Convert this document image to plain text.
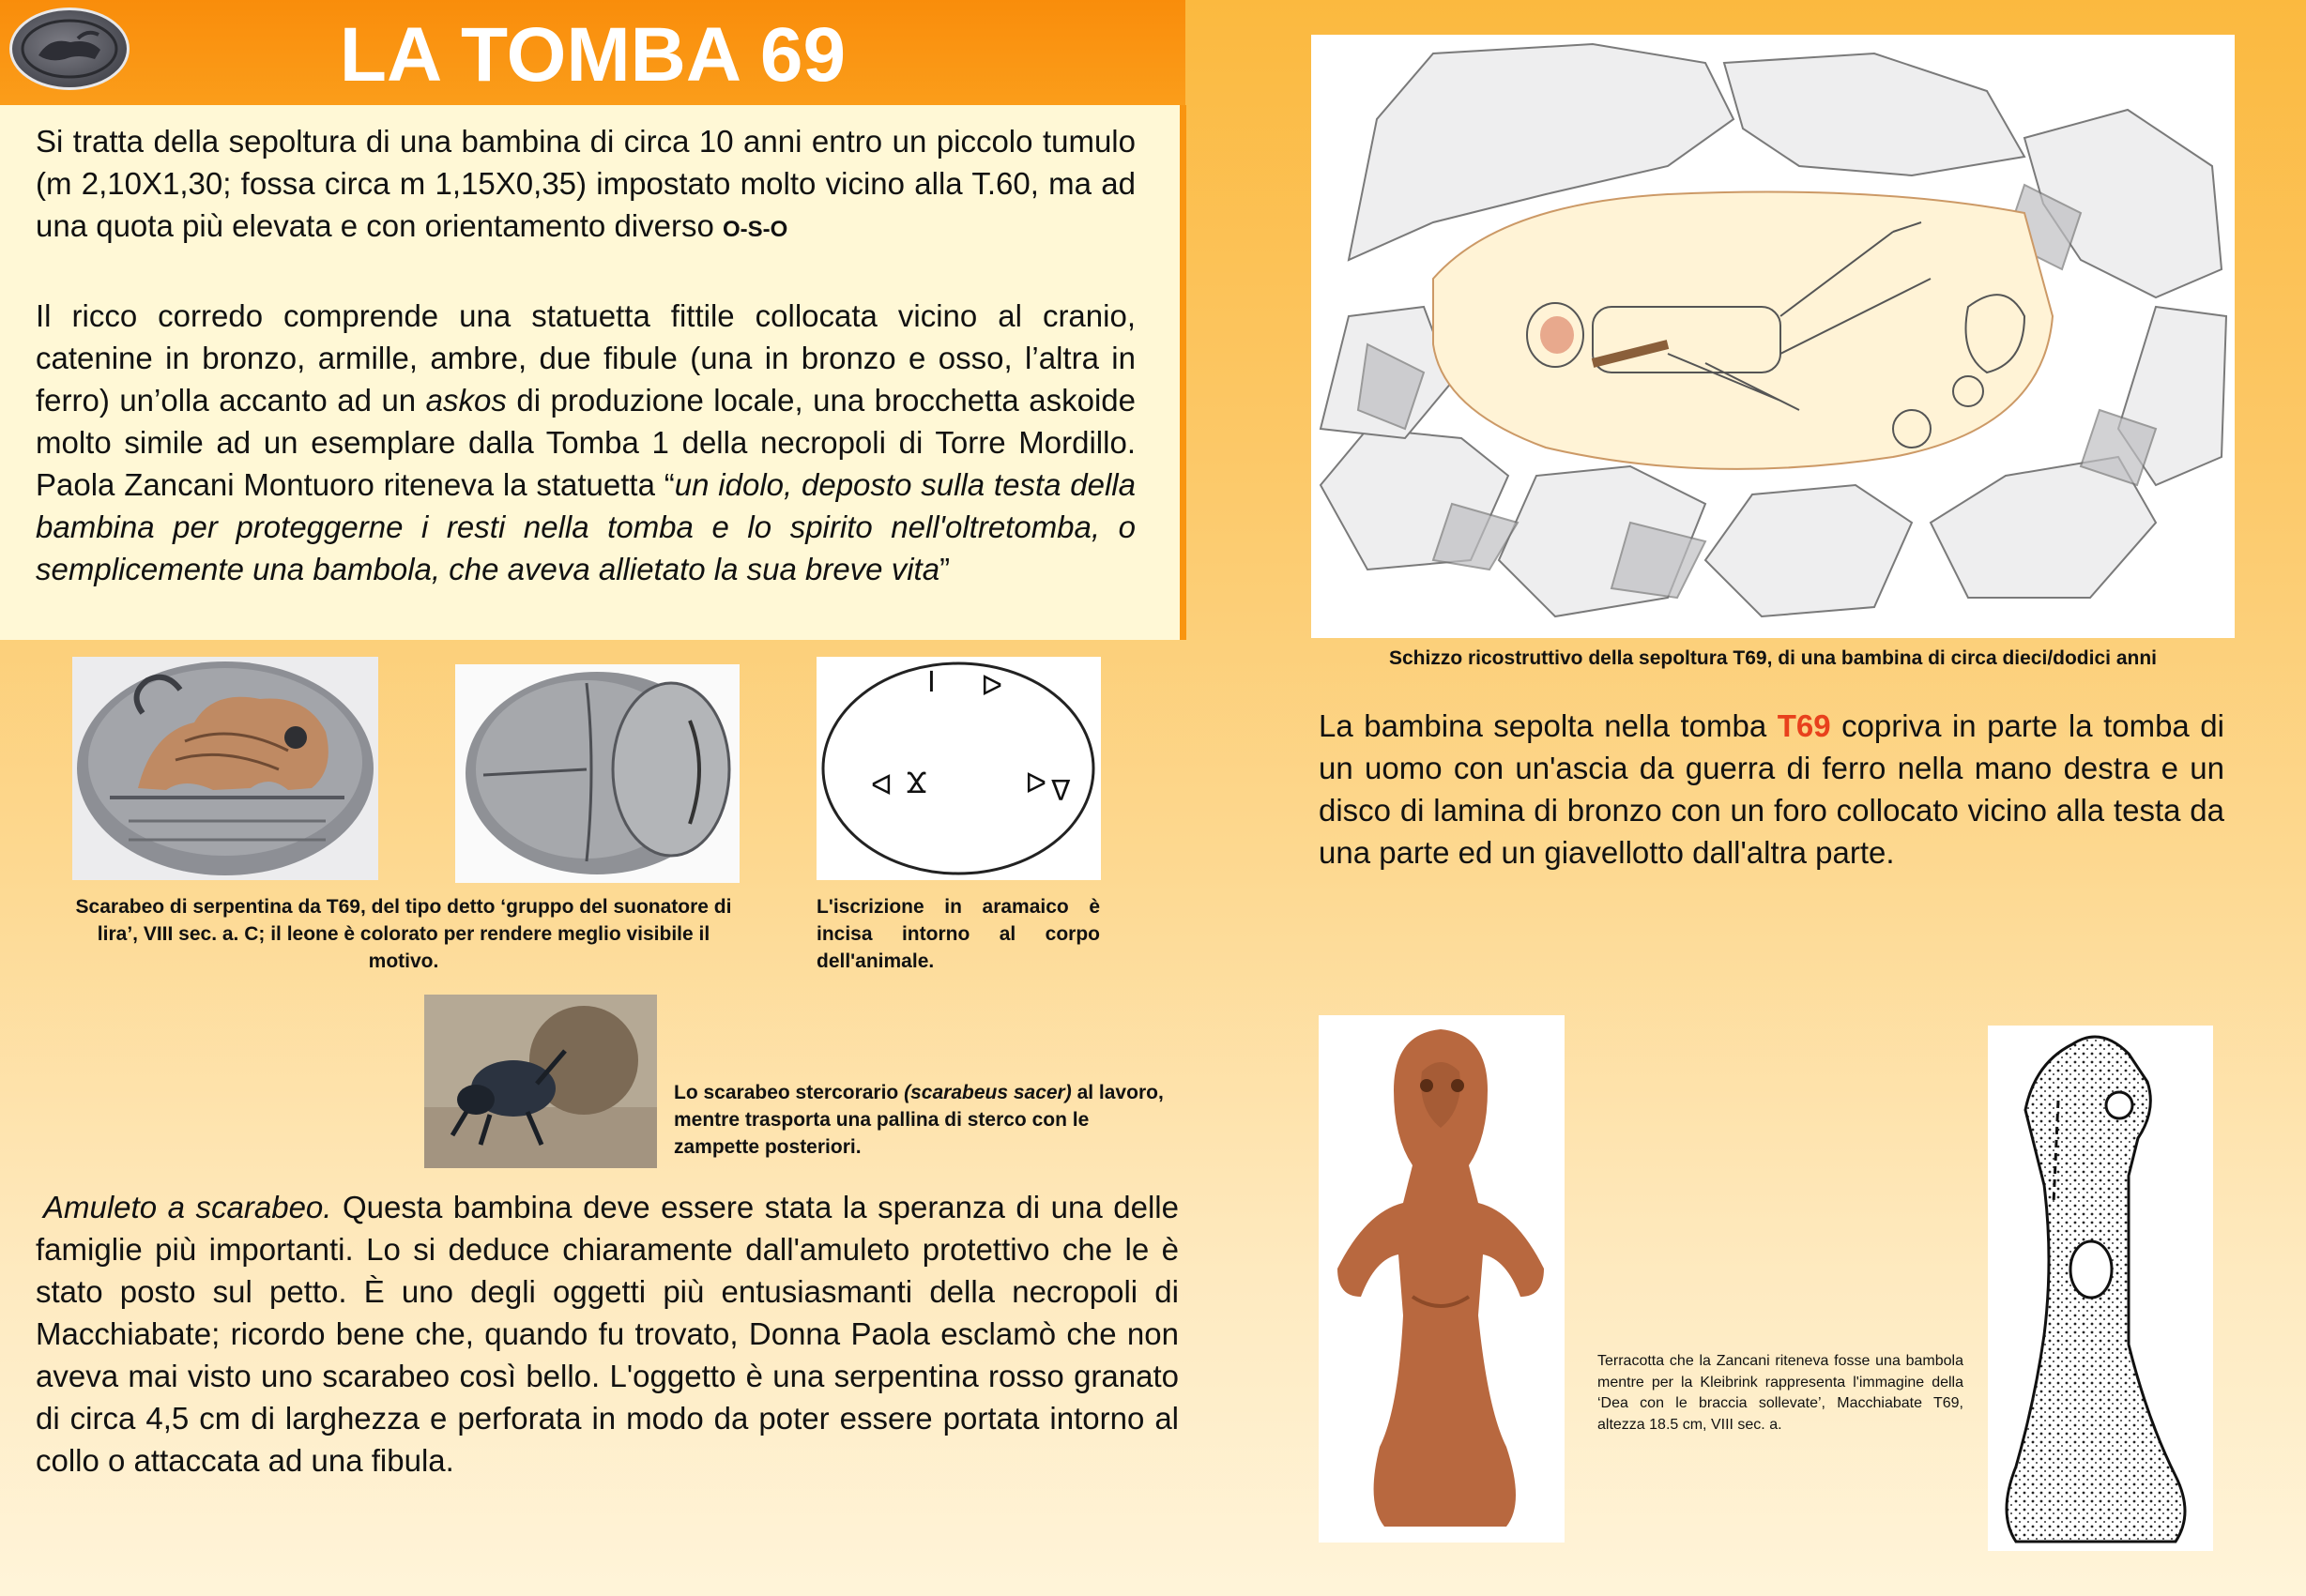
LA TOMBA 69
Si tratta della sepoltura di una bambina di circa 10 anni entro un piccolo tumulo (m 2,10X1,30; fossa circa m 1,15X0,35) impostato molto vicino alla T.60, ma ad una quota più elevata e con orientamento diverso O-S-O
Il ricco corredo comprende una statuetta fittile collocata vicino al cranio, catenine in bronzo, armille, ambre, due fibule (una in bronzo e osso, l’altra in ferro) un’olla accanto ad un askos di produzione locale, una brocchetta askoide molto simile ad un esemplare dalla Tomba 1 della necropoli di Torre Mordillo. Paola Zancani Montuoro riteneva la statuetta “un idolo, deposto sulla testa della bambina per proteggerne i resti nella tomba e lo spirito nell'oltretomba, o semplicemente una bambola, che aveva allietato la sua breve vita”
I ᐅ
ᐊ Ϫ	ᐅ ᐁ
Scarabeo di serpentina da T69, del tipo detto ‘gruppo del suonatore di lira’, VIII sec. a. C; il leone è colorato per rendere meglio visibile il motivo.
L'iscrizione in aramaico è incisa intorno al corpo dell'animale.
Lo scarabeo stercorario (scarabeus sacer) al lavoro, mentre trasporta una pallina di sterco con le zampette posteriori.
Amuleto a scarabeo. Questa bambina deve essere stata la speranza di una delle famiglie più importanti. Lo si deduce chiaramente dall'amuleto protettivo che le è stato posto sul petto. È uno degli oggetti più entusiasmanti della necropoli di Macchiabate; ricordo bene che, quando fu trovato, Donna Paola esclamò che non aveva mai visto uno scarabeo così bello. L'oggetto è una serpentina rosso granato di circa 4,5 cm di larghezza e perforata in modo da poter essere portata intorno al collo o attaccata ad una fibula.
Schizzo ricostruttivo della sepoltura T69, di una bambina di circa dieci/dodici anni
La bambina sepolta nella tomba T69 copriva in parte la tomba di un uomo con un'ascia da guerra di ferro nella mano destra e un disco di lamina di bronzo con un foro collocato vicino alla testa da una parte ed un giavellotto dall'altra parte.
Terracotta che la Zancani riteneva fosse una bambola mentre per la Kleibrink rappresenta l'immagine della ‘Dea con le braccia sollevate’, Macchiabate T69, altezza 18.5 cm, VIII sec. a.
